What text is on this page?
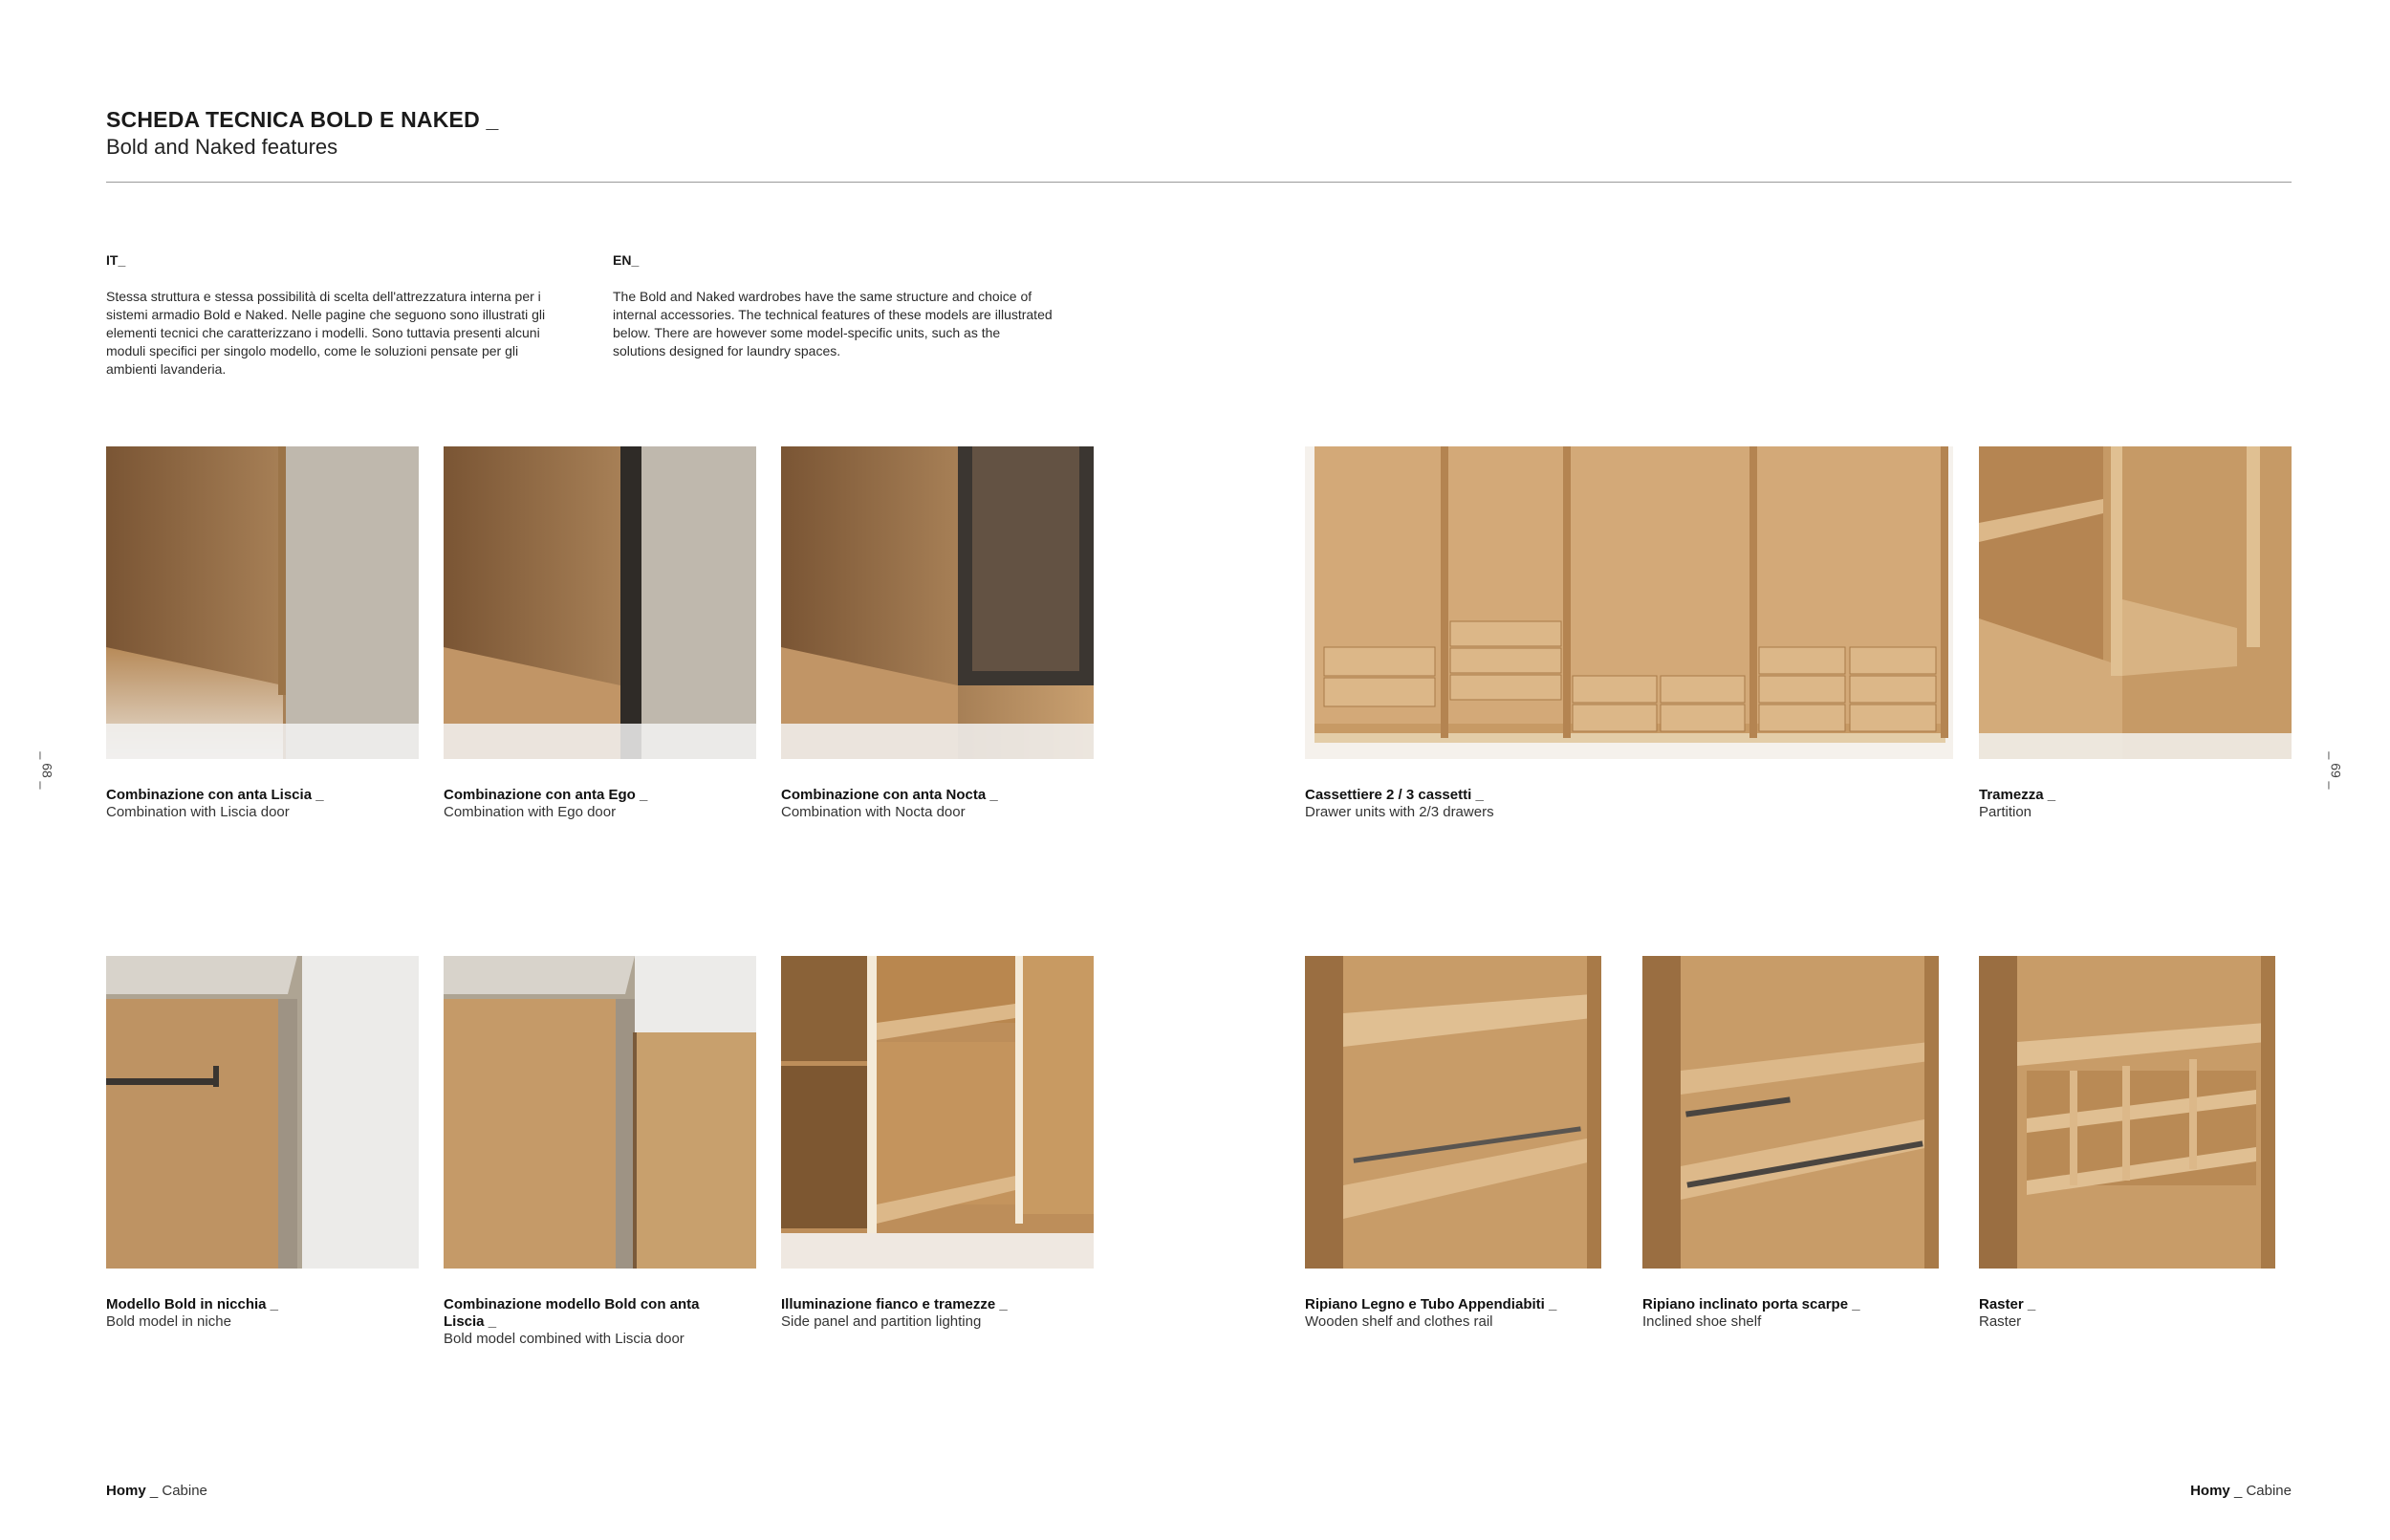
SCHEDA TECNICA BOLD E NAKED _
Bold and Naked features
IT_
Stessa struttura e stessa possibilità di scelta dell'attrezzatura interna per i
sistemi armadio Bold e Naked. Nelle pagine che seguono sono illustrati gli
elementi tecnici che caratterizzano i modelli. Sono tuttavia presenti alcuni
moduli specifici per singolo modello, come le soluzioni pensate per gli
ambienti lavanderia.
EN_
The Bold and Naked wardrobes have the same structure and choice of
internal accessories. The technical features of these models are illustrated
below. There are however some model-specific units, such as the
solutions designed for laundry spaces.
_ 68 _	_ 69 _
Combinazione con anta Liscia _
Combination with Liscia door
Combinazione con anta Ego _
Combination with Ego door
Combinazione con anta Nocta _
Combination with Nocta door
Cassettiere 2 / 3 cassetti _
Drawer units with 2/3 drawers
Tramezza _
Partition
Modello Bold in nicchia _
Bold model in niche
Combinazione modello Bold con anta
Liscia _
Bold model combined with Liscia door
Illuminazione fianco e tramezze _
Side panel and partition lighting
Ripiano Legno e Tubo Appendiabiti _
Wooden shelf and clothes rail
Ripiano inclinato porta scarpe _
Inclined shoe shelf
Raster _
Raster
Homy _ Cabine	Homy _ Cabine
